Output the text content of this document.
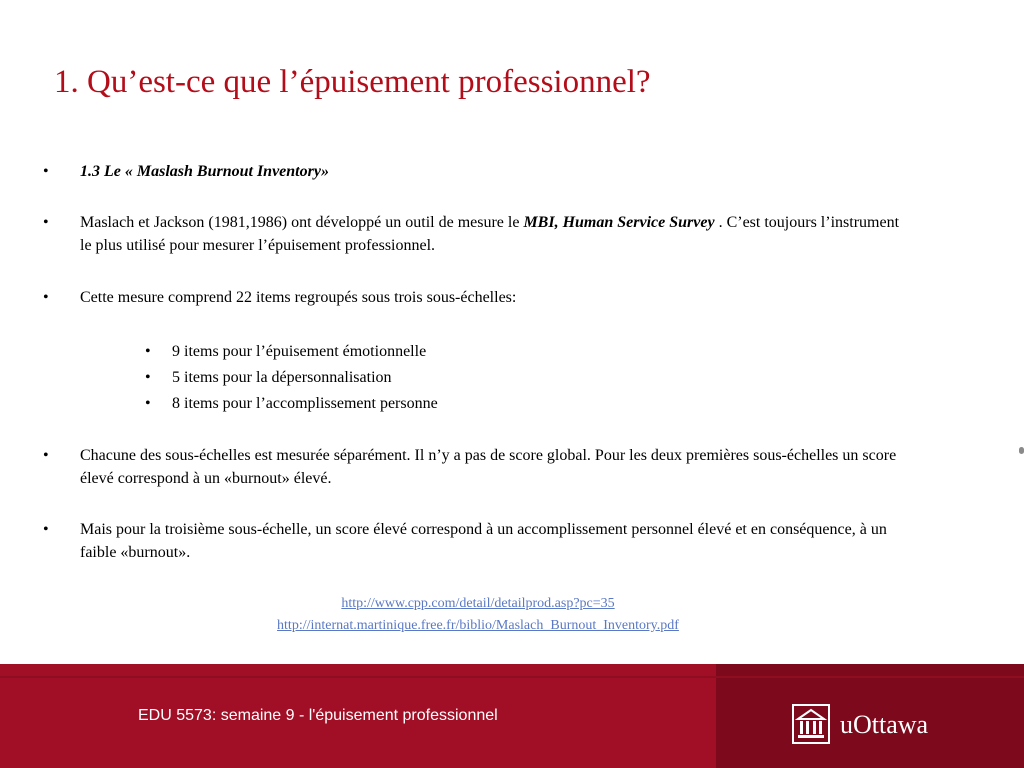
1. Qu’est-ce que l’épuisement professionnel?
• 1.3 Le « Maslash Burnout Inventory»
• Maslach et Jackson (1981,1986) ont développé un outil de mesure le MBI, Human Service Survey . C’est toujours l’instrument le plus utilisé pour mesurer l’épuisement professionnel.
• Cette mesure comprend 22 items regroupés sous trois sous-échelles:
• 9 items pour l’épuisement émotionnelle
• 5 items pour la dépersonnalisation
• 8 items pour l’accomplissement personne
• Chacune des sous-échelles est mesurée séparément. Il n’y a pas de score global. Pour les deux premières sous-échelles un score élevé correspond à un «burnout» élevé.
• Mais pour la troisième sous-échelle, un score élevé correspond à un accomplissement personnel élevé et en conséquence, à un faible «burnout».
http://www.cpp.com/detail/detailprod.asp?pc=35
http://internat.martinique.free.fr/biblio/Maslach_Burnout_Inventory.pdf
EDU 5573: semaine 9 - l'épuisement professionnel	uOttawa
